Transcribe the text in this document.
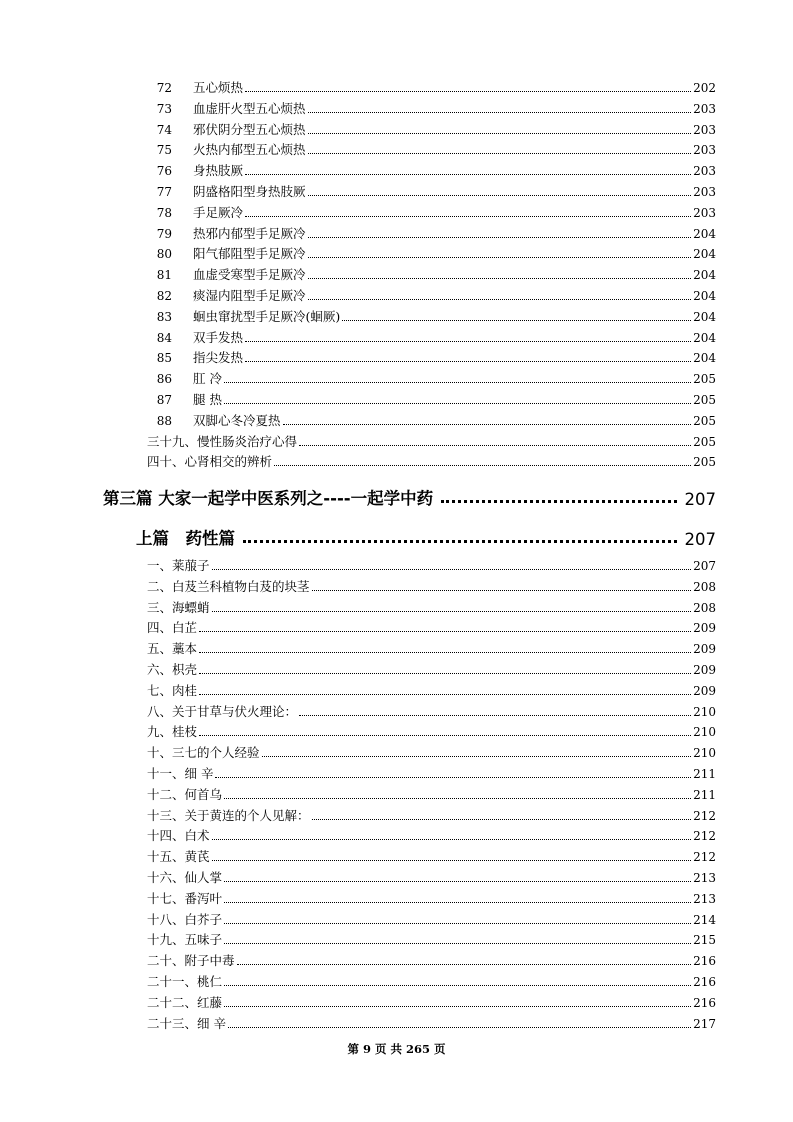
72 五心烦热	202
73 血虚肝火型五心烦热	203
74 邪伏阴分型五心烦热	203
75 火热内郁型五心烦热	203
76 身热肢厥	203
77 阴盛格阳型身热肢厥	203
78 手足厥冷	203
79 热邪内郁型手足厥冷	204
80 阳气郁阻型手足厥冷	204
81 血虚受寒型手足厥冷	204
82 痰湿内阻型手足厥冷	204
83 蛔虫窜扰型手足厥冷(蛔厥)	204
84 双手发热	204
85 指尖发热	204
86 肛 冷	205
87 腿 热	205
88 双脚心冬冷夏热	205
三十九、慢性肠炎治疗心得	205
四十、心肾相交的辨析	205
第三篇 大家一起学中医系列之----一起学中药	207
上篇　药性篇	207
一、莱菔子	207
二、白芨兰科植物白芨的块茎	208
三、海螵蛸	208
四、白芷	209
五、藁本	209
六、枳壳	209
七、肉桂	209
八、关于甘草与伏火理论：	210
九、桂枝	210
十、三七的个人经验	210
十一、细 辛	211
十二、何首乌	211
十三、关于黄连的个人见解：	212
十四、白术	212
十五、黄芪	212
十六、仙人掌	213
十七、番泻叶	213
十八、白芥子	214
十九、五味子	215
二十、附子中毒	216
二十一、桃仁	216
二十二、红藤	216
二十三、细 辛	217
第 9 页 共 265 页
